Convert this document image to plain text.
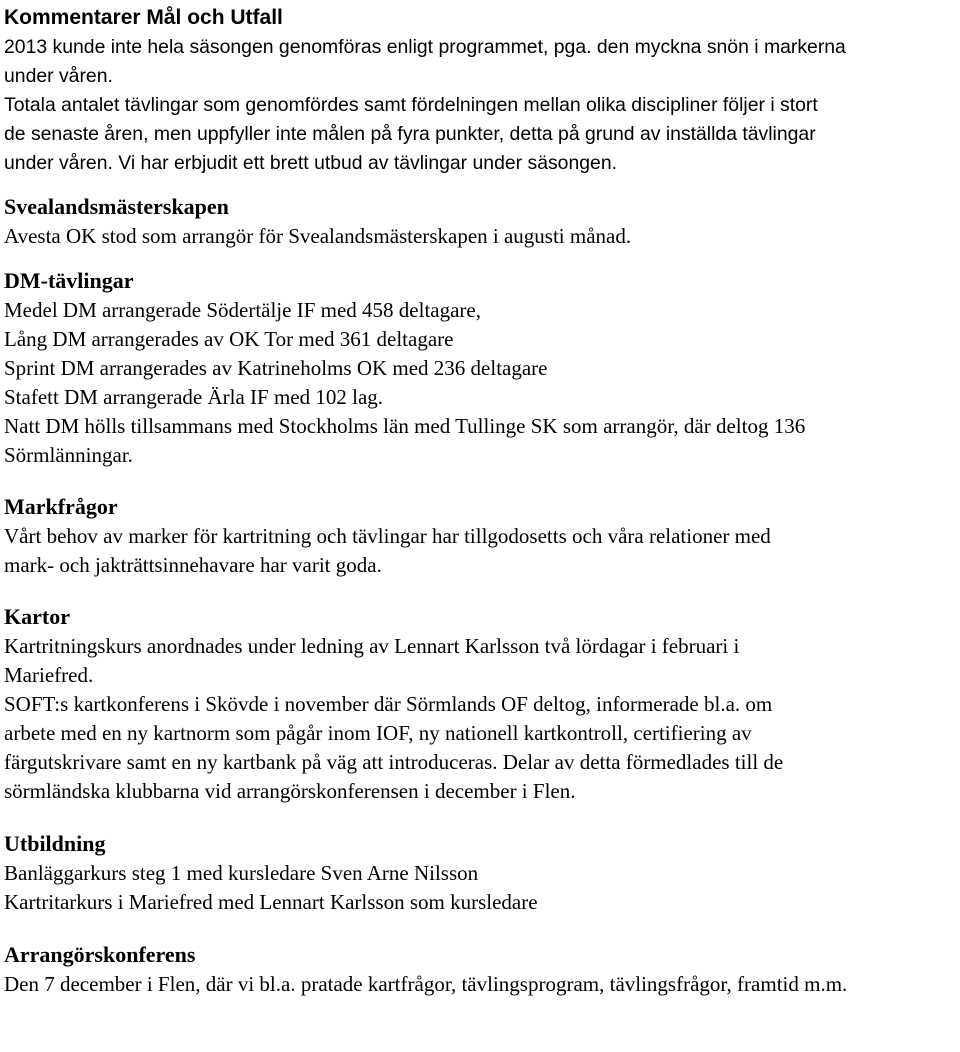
Kommentarer Mål och Utfall

2013 kunde inte hela säsongen genomföras enligt programmet, pga. den myckna snön i markerna
under våren.
Totala antalet tävlingar som genomfördes samt fördelningen mellan olika discipliner följer i stort
de senaste åren, men uppfyller inte målen på fyra punkter, detta på grund av inställda tävlingar
under våren. Vi har erbjudit ett brett utbud av tävlingar under säsongen.

Svealandsmästerskapen

Avesta OK stod som arrangör för Svealandsmästerskapen i augusti månad.

DM-tävlingar

Medel DM arrangerade Södertälje IF med 458 deltagare,
Lång DM arrangerades av OK Tor med 361 deltagare
Sprint DM arrangerades av Katrineholms OK med 236 deltagare
Stafett DM arrangerade Ärla IF med 102 lag.
Natt DM hölls tillsammans med Stockholms län med Tullinge SK som arrangör, där deltog 136
Sörmlänningar.

Markfrågor

Vårt behov av marker för kartritning och tävlingar har tillgodosetts och våra relationer med
mark- och jakträttsinnehavare har varit goda.

Kartor

Kartritningskurs anordnades under ledning av Lennart Karlsson två lördagar i februari i
Mariefred.
SOFT:s kartkonferens i Skövde i november där Sörmlands OF deltog, informerade bl.a. om
arbete med en ny kartnorm som pågår inom IOF, ny nationell kartkontroll, certifiering av
färgutskrivare samt en ny kartbank på väg att introduceras. Delar av detta förmedlades till de
sörmländska klubbarna vid arrangörskonferensen i december i Flen.

Utbildning

Banläggarkurs steg 1 med kursledare Sven Arne Nilsson
Kartritarkurs i Mariefred med Lennart Karlsson som kursledare

Arrangörskonferens

Den 7 december i Flen, där vi bl.a. pratade kartfrågor, tävlingsprogram, tävlingsfrågor, framtid m.m.
